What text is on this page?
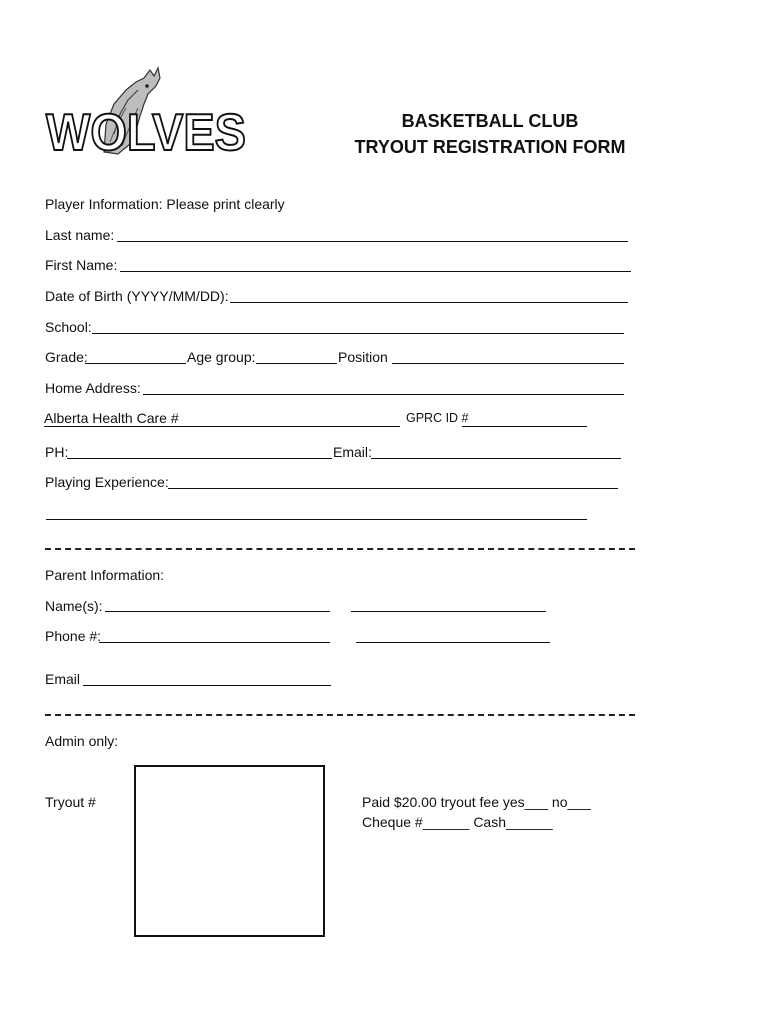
WOLVES	BASKETBALL CLUB
TRYOUT REGISTRATION FORM
Player Information: Please print clearly
Last name:
First Name:
Date of Birth (YYYY/MM/DD):
School:
Grade:	Age group:	Position
Home Address:
Alberta Health Care #	GPRC ID #
PH:	Email:
Playing Experience:
Parent Information:
Name(s):
Phone #:
Email
Admin only:
Tryout #	Paid $20.00 tryout fee yes___ no___
Cheque #______ Cash______
